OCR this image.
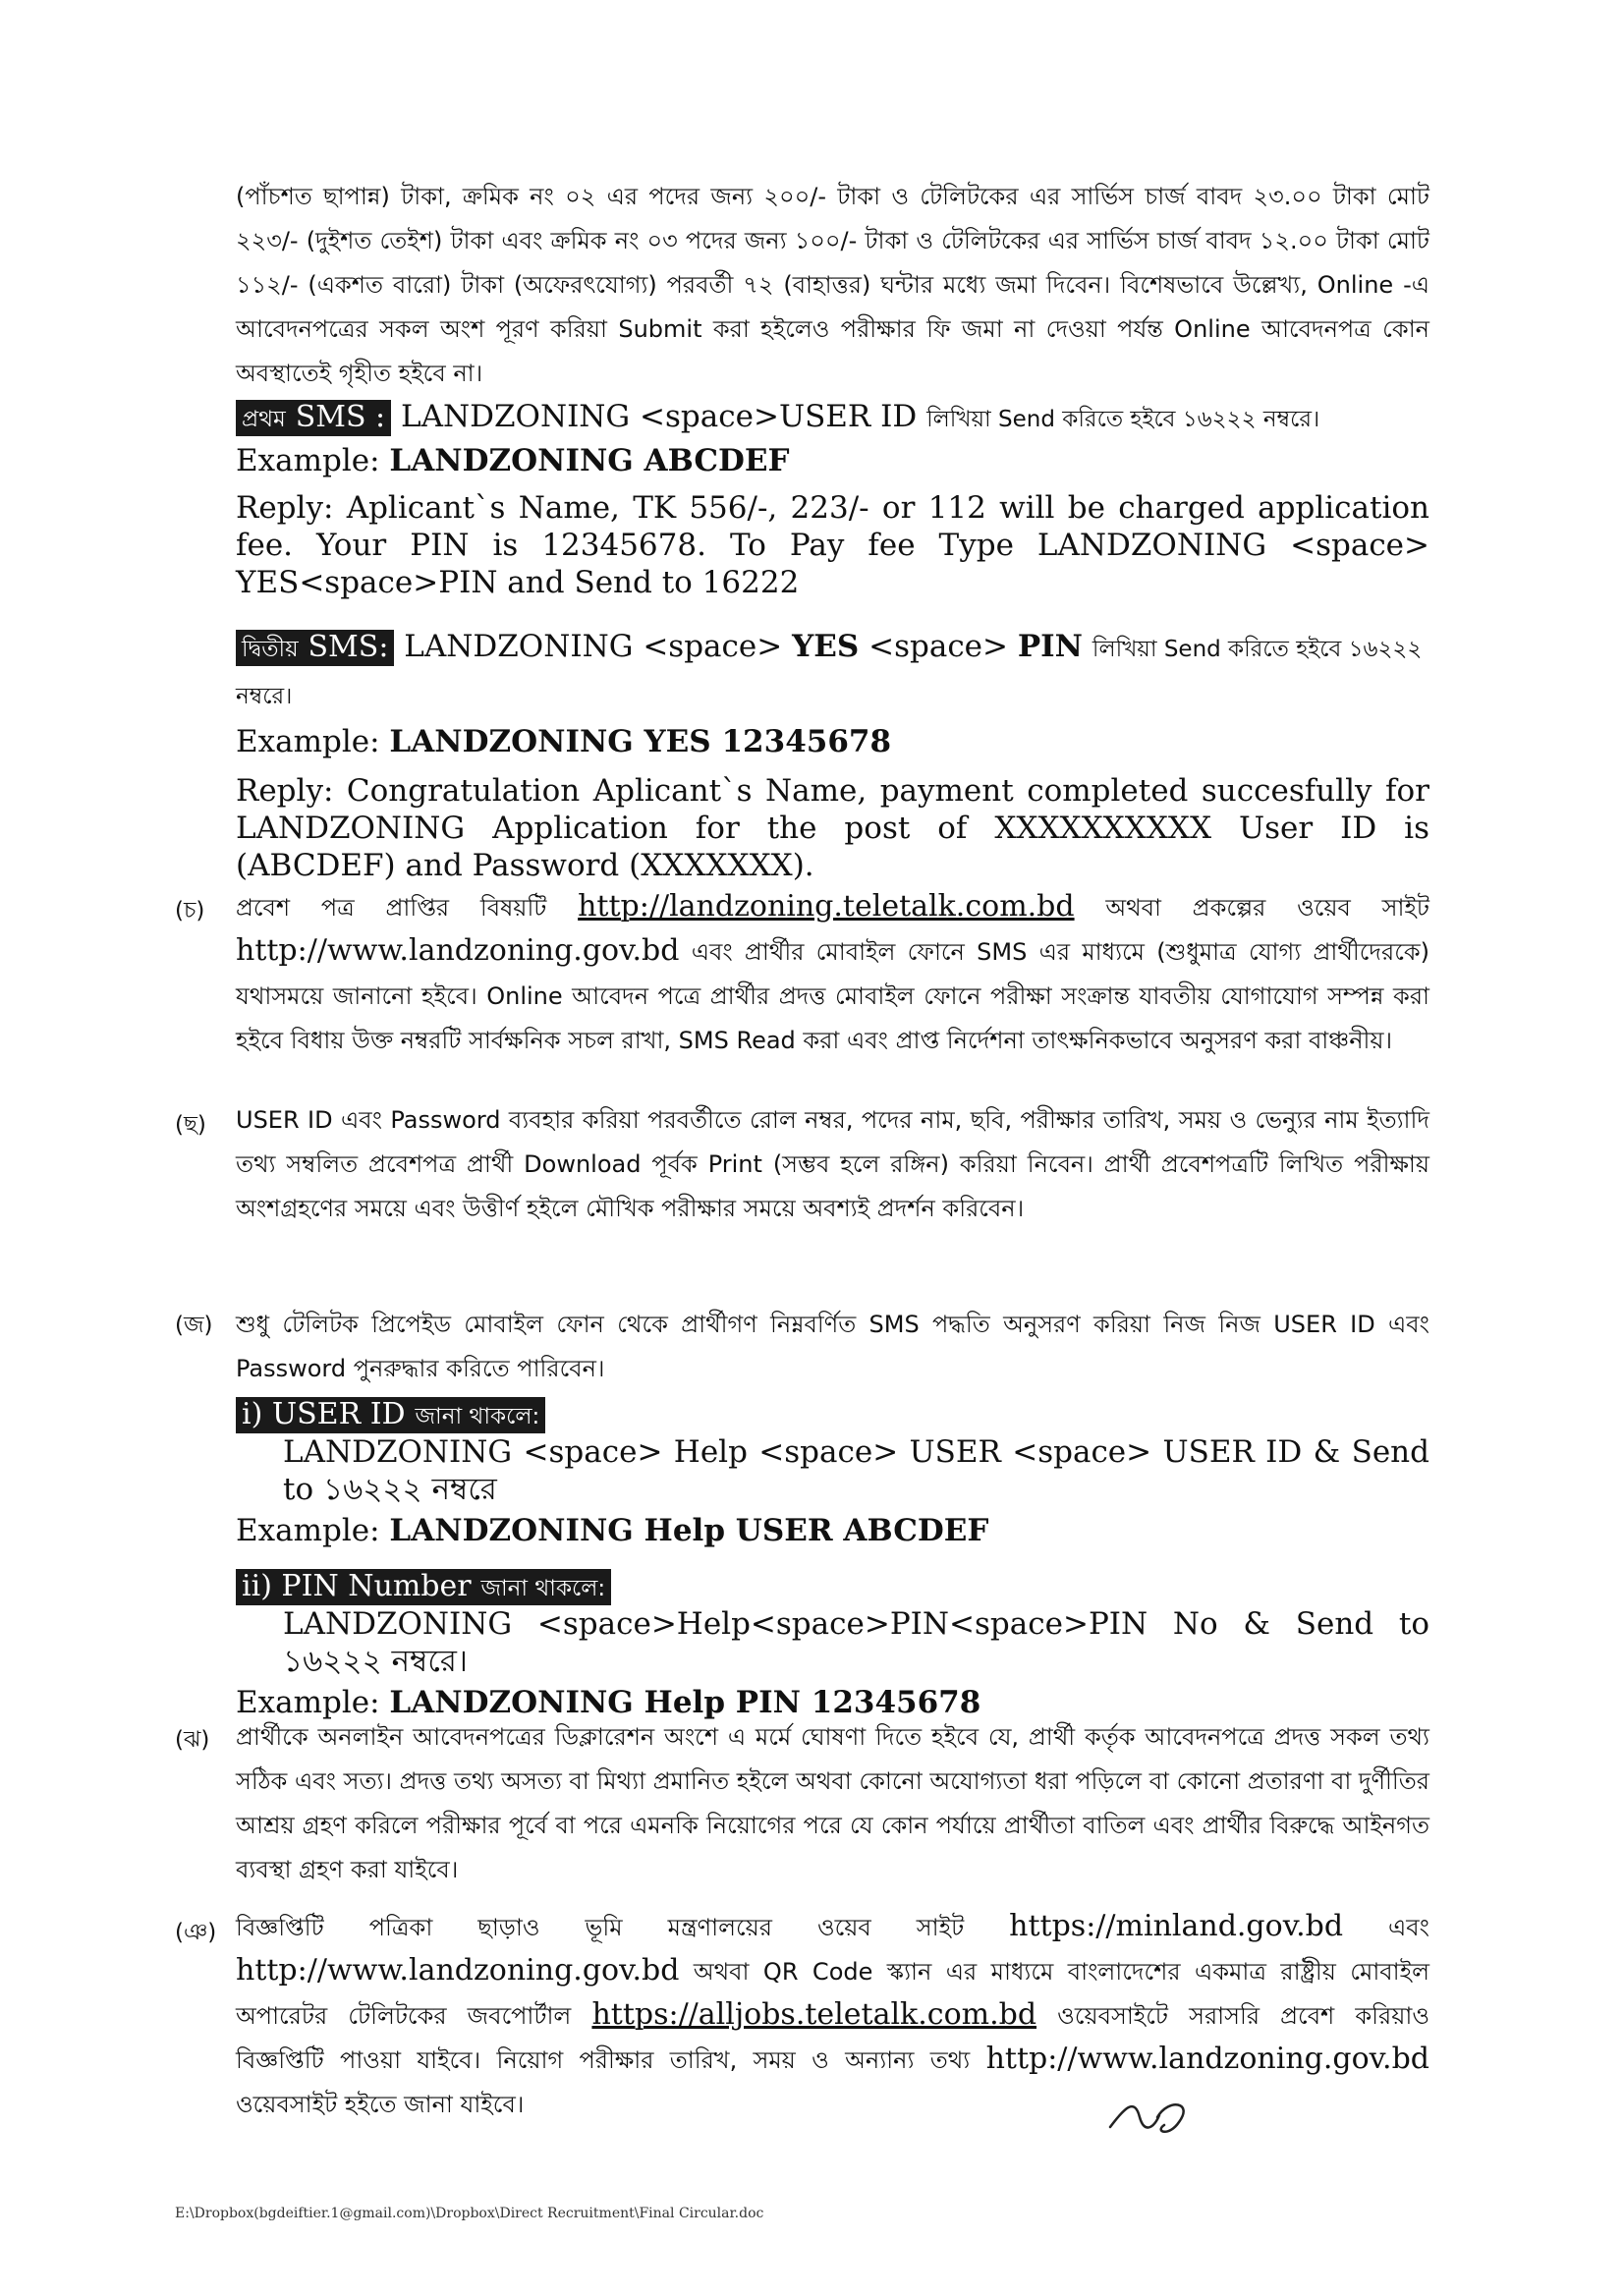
(পাঁচশত ছাপান্ন) টাকা, ক্রমিক নং ০২ এর পদের জন্য ২০০/- টাকা ও টেলিটকের এর সার্ভিস চার্জ বাবদ ২৩.০০ টাকা মোট ২২৩/- (দুইশত তেইশ) টাকা এবং ক্রমিক নং ০৩ পদের জন্য ১০০/- টাকা ও টেলিটকের এর সার্ভিস চার্জ বাবদ ১২.০০ টাকা মোট ১১২/- (একশত বারো) টাকা (অফেরৎযোগ্য) পরবর্তী ৭২ (বাহাত্তর) ঘন্টার মধ্যে জমা দিবেন। বিশেষভাবে উল্লেখ্য, Online -এ আবেদনপত্রের সকল অংশ পূরণ করিয়া Submit করা হইলেও পরীক্ষার ফি জমা না দেওয়া পর্যন্ত Online আবেদনপত্র কোন অবস্থাতেই গৃহীত হইবে না।
প্রথম SMS : LANDZONING <space>USER ID লিখিয়া Send করিতে হইবে ১৬২২২ নম্বরে।
Example: LANDZONING ABCDEF
Reply: Aplicant`s Name, TK 556/-, 223/- or 112 will be charged application fee. Your PIN is 12345678. To Pay fee Type LANDZONING <space> YES<space>PIN and Send to 16222
দ্বিতীয় SMS: LANDZONING <space> YES <space> PIN লিখিয়া Send করিতে হইবে ১৬২২২ নম্বরে।
Example: LANDZONING YES 12345678
Reply: Congratulation Aplicant`s Name, payment completed succesfully for LANDZONING Application for the post of XXXXXXXXXX User ID is (ABCDEF) and Password (XXXXXXX).
(চ) প্রবেশ পত্র প্রাপ্তির বিষয়টি http://landzoning.teletalk.com.bd অথবা প্রকল্পের ওয়েব সাইট http://www.landzoning.gov.bd এবং প্রার্থীর মোবাইল ফোনে SMS এর মাধ্যমে (শুধুমাত্র যোগ্য প্রার্থীদেরকে) যথাসময়ে জানানো হইবে। Online আবেদন পত্রে প্রার্থীর প্রদত্ত মোবাইল ফোনে পরীক্ষা সংক্রান্ত যাবতীয় যোগাযোগ সম্পন্ন করা হইবে বিধায় উক্ত নম্বরটি সার্বক্ষনিক সচল রাখা, SMS Read করা এবং প্রাপ্ত নির্দেশনা তাৎক্ষনিকভাবে অনুসরণ করা বাঞ্চনীয়।
(ছ) USER ID এবং Password ব্যবহার করিয়া পরবর্তীতে রোল নম্বর, পদের নাম, ছবি, পরীক্ষার তারিখ, সময় ও ভেন্যুর নাম ইত্যাদি তথ্য সম্বলিত প্রবেশপত্র প্রার্থী Download পূর্বক Print (সম্ভব হলে রঙ্গিন) করিয়া নিবেন। প্রার্থী প্রবেশপত্রটি লিখিত পরীক্ষায় অংশগ্রহণের সময়ে এবং উত্তীর্ণ হইলে মৌখিক পরীক্ষার সময়ে অবশ্যই প্রদর্শন করিবেন।
(জ) শুধু টেলিটক প্রিপেইড মোবাইল ফোন থেকে প্রার্থীগণ নিম্নবর্ণিত SMS পদ্ধতি অনুসরণ করিয়া নিজ নিজ USER ID এবং Password পুনরুদ্ধার করিতে পারিবেন।
i) USER ID জানা থাকলে:
LANDZONING <space> Help <space> USER <space> USER ID & Send to ১৬২২২ নম্বরে
Example: LANDZONING Help USER ABCDEF
ii) PIN Number জানা থাকলে:
LANDZONING <space>Help<space>PIN<space>PIN No & Send to ১৬২২২ নম্বরে।
Example: LANDZONING Help PIN 12345678
(ঝ) প্রার্থীকে অনলাইন আবেদনপত্রের ডিক্লারেশন অংশে এ মর্মে ঘোষণা দিতে হইবে যে, প্রার্থী কর্তৃক আবেদনপত্রে প্রদত্ত সকল তথ্য সঠিক এবং সত্য। প্রদত্ত তথ্য অসত্য বা মিথ্যা প্রমানিত হইলে অথবা কোনো অযোগ্যতা ধরা পড়িলে বা কোনো প্রতারণা বা দুর্ণীতির আশ্রয় গ্রহণ করিলে পরীক্ষার পূর্বে বা পরে এমনকি নিয়োগের পরে যে কোন পর্যায়ে প্রার্থীতা বাতিল এবং প্রার্থীর বিরুদ্ধে আইনগত ব্যবস্থা গ্রহণ করা যাইবে।
(ঞ) বিজ্ঞপ্তিটি পত্রিকা ছাড়াও ভূমি মন্ত্রণালয়ের ওয়েব সাইট https://minland.gov.bd এবং http://www.landzoning.gov.bd অথবা QR Code স্ক্যান এর মাধ্যমে বাংলাদেশের একমাত্র রাষ্ট্রীয় মোবাইল অপারেটর টেলিটকের জবপোর্টাল https://alljobs.teletalk.com.bd ওয়েবসাইটে সরাসরি প্রবেশ করিয়াও বিজ্ঞপ্তিটি পাওয়া যাইবে। নিয়োগ পরীক্ষার তারিখ, সময় ও অন্যান্য তথ্য http://www.landzoning.gov.bd ওয়েবসাইট হইতে জানা যাইবে।
E:\Dropbox(bgdeiftier.1@gmail.com)\Dropbox\Direct Recruitment\Final Circular.doc
